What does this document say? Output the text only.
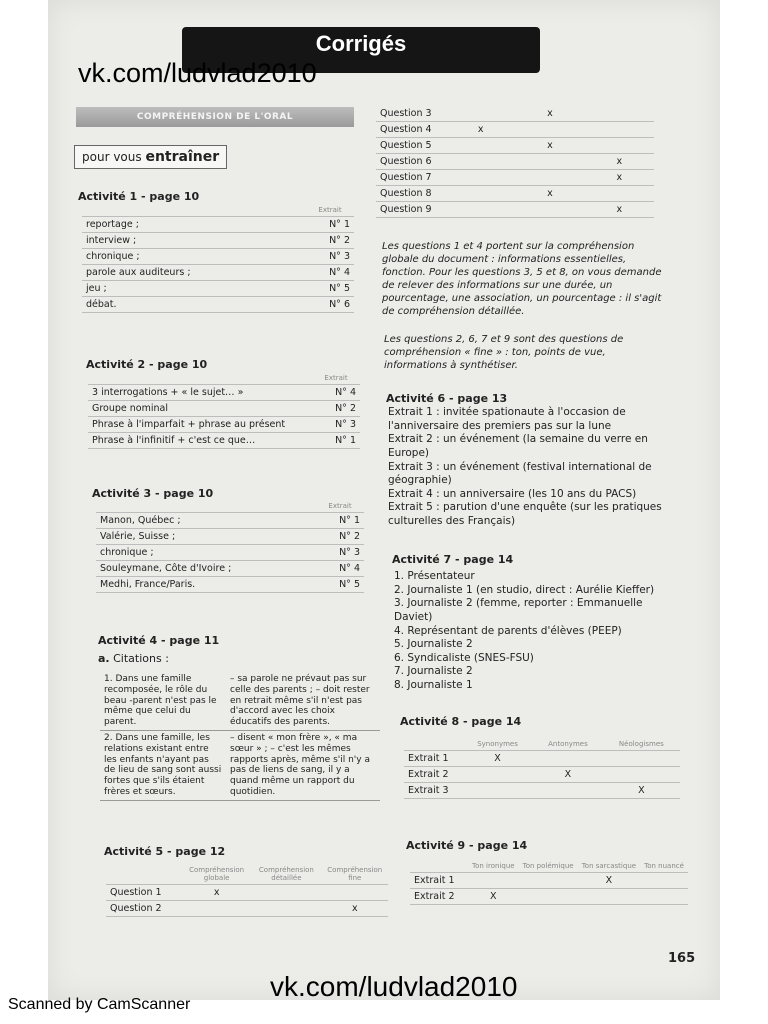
Corrigés
vk.com/ludvlad2010
COMPRÉHENSION DE L'ORAL
pour vous entraîner
Activité 1 - page 10
	Extrait
reportage ;	N° 1
interview ;	N° 2
chronique ;	N° 3
parole aux auditeurs ;	N° 4
jeu ;	N° 5
débat.	N° 6
Activité 2 - page 10
	Extrait
3 interrogations + « le sujet… »	N° 4
Groupe nominal	N° 2
Phrase à l'imparfait + phrase au présent	N° 3
Phrase à l'infinitif + c'est ce que…	N° 1
Activité 3 - page 10
	Extrait
Manon, Québec ;	N° 1
Valérie, Suisse ;	N° 2
chronique ;	N° 3
Souleymane, Côte d'Ivoire ;	N° 4
Medhi, France/Paris.	N° 5
Activité 4 - page 11
a. Citations :
1. Dans une famille recomposée, le rôle du beau -parent n'est pas le même que celui du parent.	– sa parole ne prévaut pas sur celle des parents ; – doit rester en retrait même s'il n'est pas d'accord avec les choix éducatifs des parents.
2. Dans une famille, les relations existant entre les enfants n'ayant pas de lieu de sang sont aussi fortes que s'ils étaient frères et sœurs.	– disent « mon frère », « ma sœur » ; – c'est les mêmes rapports après, même s'il n'y a pas de liens de sang, il y a quand même un rapport du quotidien.
Activité 5 - page 12
	Compréhension globale	Compréhension détaillée	Compréhension fine
Question 1	x		
Question 2			x
Question 3		x	
Question 4	x		
Question 5		x	
Question 6			x
Question 7			x
Question 8		x	
Question 9			x
Les questions 1 et 4 portent sur la compréhension globale du document : informations essentielles, fonction. Pour les questions 3, 5 et 8, on vous demande de relever des informations sur une durée, un pourcentage, une association, un pourcentage : il s'agit de compréhension détaillée.
Les questions 2, 6, 7 et 9 sont des questions de compréhension « fine » : ton, points de vue, informations à synthétiser.
Activité 6 - page 13
Extrait 1 : invitée spationaute à l'occasion de l'anniversaire des premiers pas sur la lune
Extrait 2 : un événement (la semaine du verre en Europe)
Extrait 3 : un événement (festival international de géographie)
Extrait 4 : un anniversaire (les 10 ans du PACS)
Extrait 5 : parution d'une enquête (sur les pratiques culturelles des Français)
Activité 7 - page 14
1. Présentateur
2. Journaliste 1 (en studio, direct : Aurélie Kieffer)
3. Journaliste 2 (femme, reporter : Emmanuelle Daviet)
4. Représentant de parents d'élèves (PEEP)
5. Journaliste 2
6. Syndicaliste (SNES-FSU)
7. Journaliste 2
8. Journaliste 1
Activité 8 - page 14
	Synonymes	Antonymes	Néologismes
Extrait 1	X		
Extrait 2		X	
Extrait 3			X
Activité 9 - page 14
	Ton ironique	Ton polémique	Ton sarcastique	Ton nuancé
Extrait 1			X	
Extrait 2	X			
165
vk.com/ludvlad2010
Scanned by CamScanner
